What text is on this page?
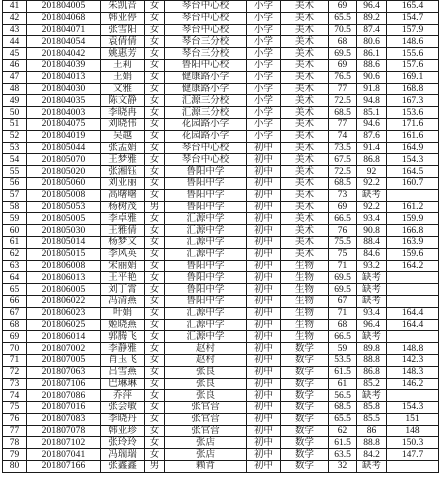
41	201804005	朱凯音	女	琴台中心校	小学	美术	69	96.4	165.4
42	201804068	韩亚停	女	琴台中心校	小学	美术	65.5	89.2	154.7
43	201804071	张雪阳	女	琴台中心校	小学	美术	70.5	87.4	157.9
44	201804054	袁倩倩	女	琴台三分校	小学	美术	68	80.6	148.6
45	201804042	姚惠芳	女	琴台三分校	小学	美术	69.5	86.1	155.6
46	201804039	王莉	女	鲁阳中心校	小学	美术	69	88.6	157.6
47	201804013	王娟	女	健康路小学	小学	美术	76.5	90.6	169.1
48	201804030	文雅	女	健康路小学	小学	美术	77	91.8	168.8
49	201804035	陈文静	女	汇源三分校	小学	美术	72.5	94.8	167.3
50	201804003	李晓冉	女	汇源三分校	小学	美术	68.5	85.1	153.6
51	201804075	刘晓伟	女	花园路小学	小学	美术	77	94.6	171.6
52	201804019	吴越	女	花园路小学	小学	美术	74	87.6	161.6
53	201805044	张孟娟	女	琴台中心校	初中	美术	73.5	91.4	164.9
54	201805070	王梦雅	女	琴台中心校	初中	美术	67.5	86.8	154.3
55	201805020	张湘钰	女	鲁阳中学	初中	美术	72.5	92	164.5
56	201805060	刘亚丽	女	鲁阳中学	初中	美术	68.5	92.2	160.7
57	201805008	高曙曙	女	鲁阳中学	初中	美术	73	缺考	
58	201805053	杨树茂	男	鲁阳中学	初中	美术	69	92.2	161.2
59	201805005	李卓雅	女	汇源中学	初中	美术	66.5	93.4	159.9
60	201805030	王雅倩	女	汇源中学	初中	美术	76	90.8	166.8
61	201805014	杨梦文	女	汇源中学	初中	美术	75.5	88.4	163.9
62	201805015	李风英	女	汇源中学	初中	美术	75	84.6	159.6
63	201806008	宋丽娟	女	鲁阳中学	初中	生物	71	93.2	164.2
64	201806013	王平艳	女	鲁阳中学	初中	生物	69.5	缺考	
65	201806005	刘丁霄	女	鲁阳中学	初中	生物	69.5	缺考	
66	201806022	冯清燕	女	鲁阳中学	初中	生物	67	缺考	
67	201806023	叶娟	女	汇源中学	初中	生物	71	93.4	164.4
68	201806025	姬晓燕	女	汇源中学	初中	生物	68	96.4	164.4
69	201806014	郭腾飞	女	汇源中学	初中	生物	66.5	缺考	
70	201807002	李静雅	女	赵村	初中	数学	59	89.8	148.8
71	201807005	肖玉飞	女	赵村	初中	数学	53.5	88.8	142.3
72	201807063	吕雪燕	女	张良	初中	数学	61.5	86.8	148.3
73	201807106	巴琳琳	女	张良	初中	数学	61	85.2	146.2
74	201807086	乔萍	女	张良	初中	数学	56.5	缺考	
75	201807016	张会敏	女	张官营	初中	数学	68.5	85.8	154.3
76	201807083	李晓丹	女	张官营	初中	数学	65.5	85.5	151
77	201807078	韩亚珍	女	张官营	初中	数学	62	86	148
78	201807102	张玲玲	女	张店	初中	数学	61.5	88.8	150.3
79	201807041	冯瑞瑞	女	张店	初中	数学	63.5	84.2	147.7
80	201807166	张鑫鑫	男	赖背	初中	数学	32	缺考	
